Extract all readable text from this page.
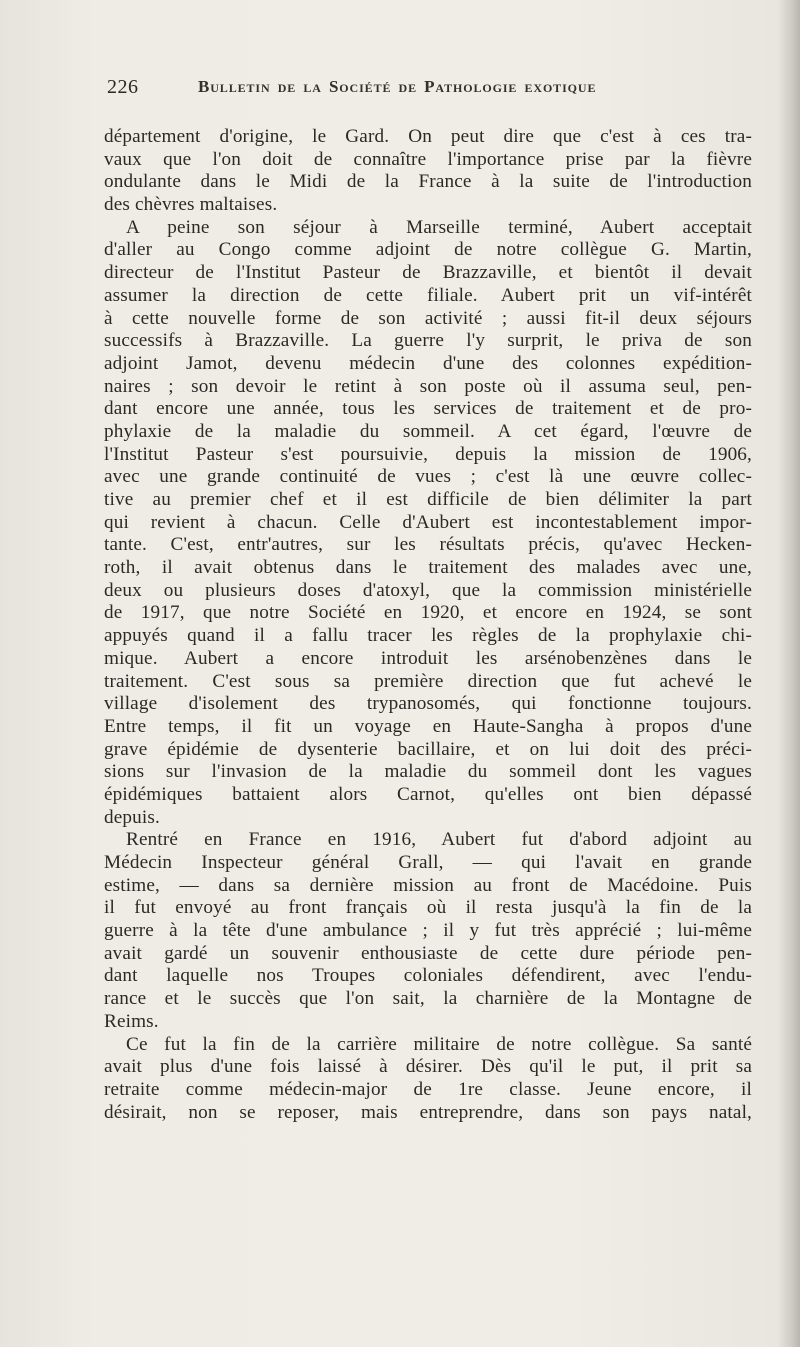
226	Bulletin de la Société de Pathologie exotique
département d'origine, le Gard. On peut dire que c'est à ces tra-
vaux que l'on doit de connaître l'importance prise par la fièvre
ondulante dans le Midi de la France à la suite de l'introduction
des chèvres maltaises.
A peine son séjour à Marseille terminé, Aubert acceptait
d'aller au Congo comme adjoint de notre collègue G. Martin,
directeur de l'Institut Pasteur de Brazzaville, et bientôt il devait
assumer la direction de cette filiale. Aubert prit un vif-intérêt
à cette nouvelle forme de son activité ; aussi fit-il deux séjours
successifs à Brazzaville. La guerre l'y surprit, le priva de son
adjoint Jamot, devenu médecin d'une des colonnes expédition-
naires ; son devoir le retint à son poste où il assuma seul, pen-
dant encore une année, tous les services de traitement et de pro-
phylaxie de la maladie du sommeil. A cet égard, l'œuvre de
l'Institut Pasteur s'est poursuivie, depuis la mission de 1906,
avec une grande continuité de vues ; c'est là une œuvre collec-
tive au premier chef et il est difficile de bien délimiter la part
qui revient à chacun. Celle d'Aubert est incontestablement impor-
tante. C'est, entr'autres, sur les résultats précis, qu'avec Hecken-
roth, il avait obtenus dans le traitement des malades avec une,
deux ou plusieurs doses d'atoxyl, que la commission ministérielle
de 1917, que notre Société en 1920, et encore en 1924, se sont
appuyés quand il a fallu tracer les règles de la prophylaxie chi-
mique. Aubert a encore introduit les arsénobenzènes dans le
traitement. C'est sous sa première direction que fut achevé le
village d'isolement des trypanosomés, qui fonctionne toujours.
Entre temps, il fit un voyage en Haute-Sangha à propos d'une
grave épidémie de dysenterie bacillaire, et on lui doit des préci-
sions sur l'invasion de la maladie du sommeil dont les vagues
épidémiques battaient alors Carnot, qu'elles ont bien dépassé
depuis.
Rentré en France en 1916, Aubert fut d'abord adjoint au
Médecin Inspecteur général Grall, — qui l'avait en grande
estime, — dans sa dernière mission au front de Macédoine. Puis
il fut envoyé au front français où il resta jusqu'à la fin de la
guerre à la tête d'une ambulance ; il y fut très apprécié ; lui-même
avait gardé un souvenir enthousiaste de cette dure période pen-
dant laquelle nos Troupes coloniales défendirent, avec l'endu-
rance et le succès que l'on sait, la charnière de la Montagne de
Reims.
Ce fut la fin de la carrière militaire de notre collègue. Sa santé
avait plus d'une fois laissé à désirer. Dès qu'il le put, il prit sa
retraite comme médecin-major de 1re classe. Jeune encore, il
désirait, non se reposer, mais entreprendre, dans son pays natal,
